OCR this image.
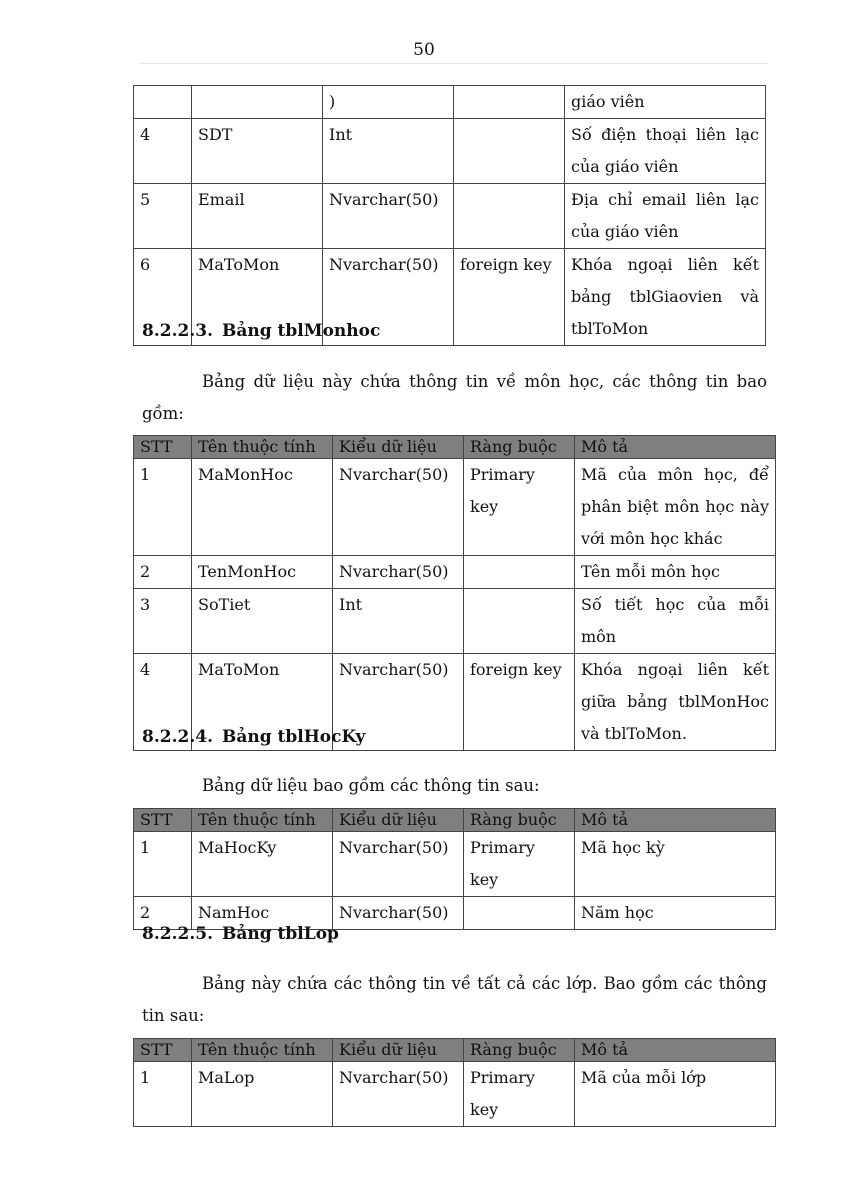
50
		)		giáo viên
4	SDT	Int		Số điện thoại liên lạc của giáo viên
5	Email	Nvarchar(50)		Địa chỉ email liên lạc của giáo viên
6	MaToMon	Nvarchar(50)	foreign key	Khóa ngoại liên kết bảng tblGiaovien và tblToMon
8.2.2.3. Bảng tblMonhoc
Bảng dữ liệu này chứa thông tin về môn học, các thông tin bao gồm:
STT	Tên thuộc tính	Kiểu dữ liệu	Ràng buộc	Mô tả
1	MaMonHoc	Nvarchar(50)	Primary key	Mã của môn học, để phân biệt môn học này với môn học khác
2	TenMonHoc	Nvarchar(50)		Tên mỗi môn học
3	SoTiet	Int		Số tiết học của mỗi môn
4	MaToMon	Nvarchar(50)	foreign key	Khóa ngoại liên kết giữa bảng tblMonHoc và tblToMon.
8.2.2.4. Bảng tblHocKy
Bảng dữ liệu bao gồm các thông tin sau:
STT	Tên thuộc tính	Kiểu dữ liệu	Ràng buộc	Mô tả
1	MaHocKy	Nvarchar(50)	Primary key	Mã học kỳ
2	NamHoc	Nvarchar(50)		Năm học
8.2.2.5. Bảng tblLop
Bảng này chứa các thông tin về tất cả các lớp. Bao gồm các thông tin sau:
STT	Tên thuộc tính	Kiểu dữ liệu	Ràng buộc	Mô tả
1	MaLop	Nvarchar(50)	Primary key	Mã của mỗi lớp
